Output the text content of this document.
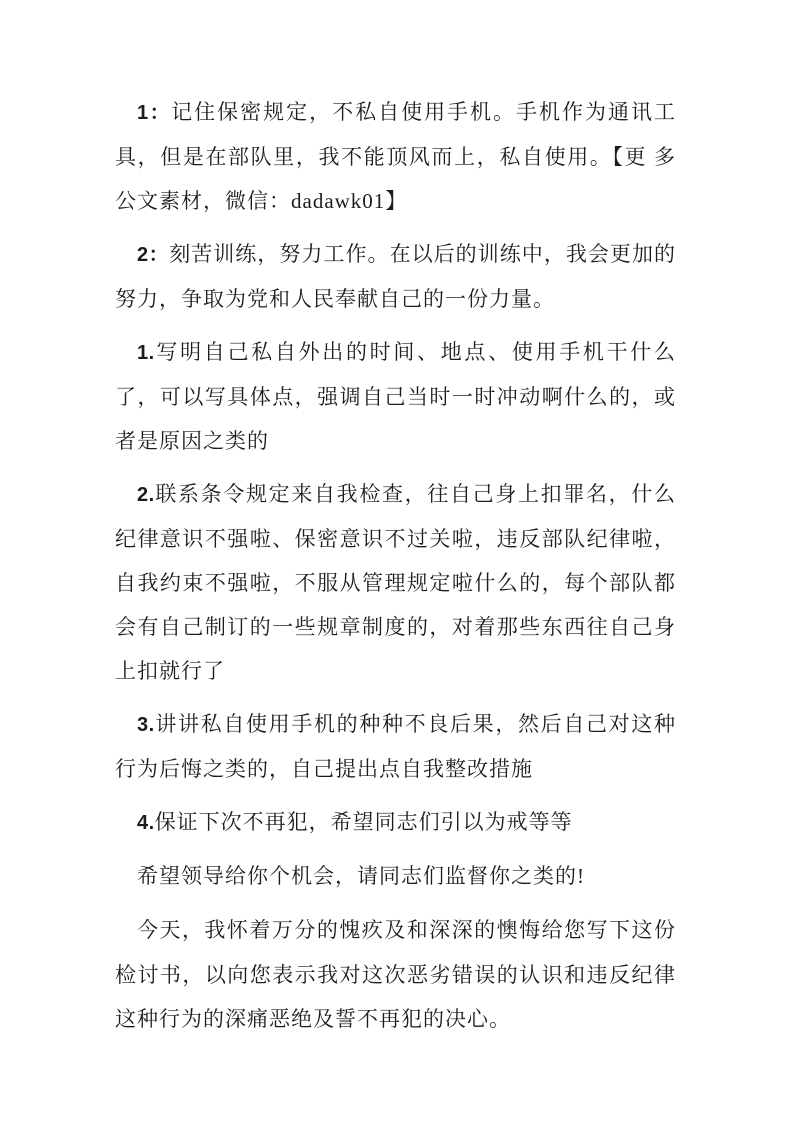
1：记住保密规定，不私自使用手机。手机作为通讯工具，但是在部队里，我不能顶风而上，私自使用。【更 多公文素材，微信：dadawk01】

2：刻苦训练，努力工作。在以后的训练中，我会更加的努力，争取为党和人民奉献自己的一份力量。

1.写明自己私自外出的时间、地点、使用手机干什么了，可以写具体点，强调自己当时一时冲动啊什么的，或者是原因之类的

2.联系条令规定来自我检查，往自己身上扣罪名，什么纪律意识不强啦、保密意识不过关啦，违反部队纪律啦，自我约束不强啦，不服从管理规定啦什么的，每个部队都会有自己制订的一些规章制度的，对着那些东西往自己身上扣就行了

3.讲讲私自使用手机的种种不良后果，然后自己对这种行为后悔之类的，自己提出点自我整改措施

4.保证下次不再犯，希望同志们引以为戒等等

希望领导给你个机会，请同志们监督你之类的!

今天，我怀着万分的愧疚及和深深的懊悔给您写下这份检讨书，以向您表示我对这次恶劣错误的认识和违反纪律这种行为的深痛恶绝及誓不再犯的决心。
